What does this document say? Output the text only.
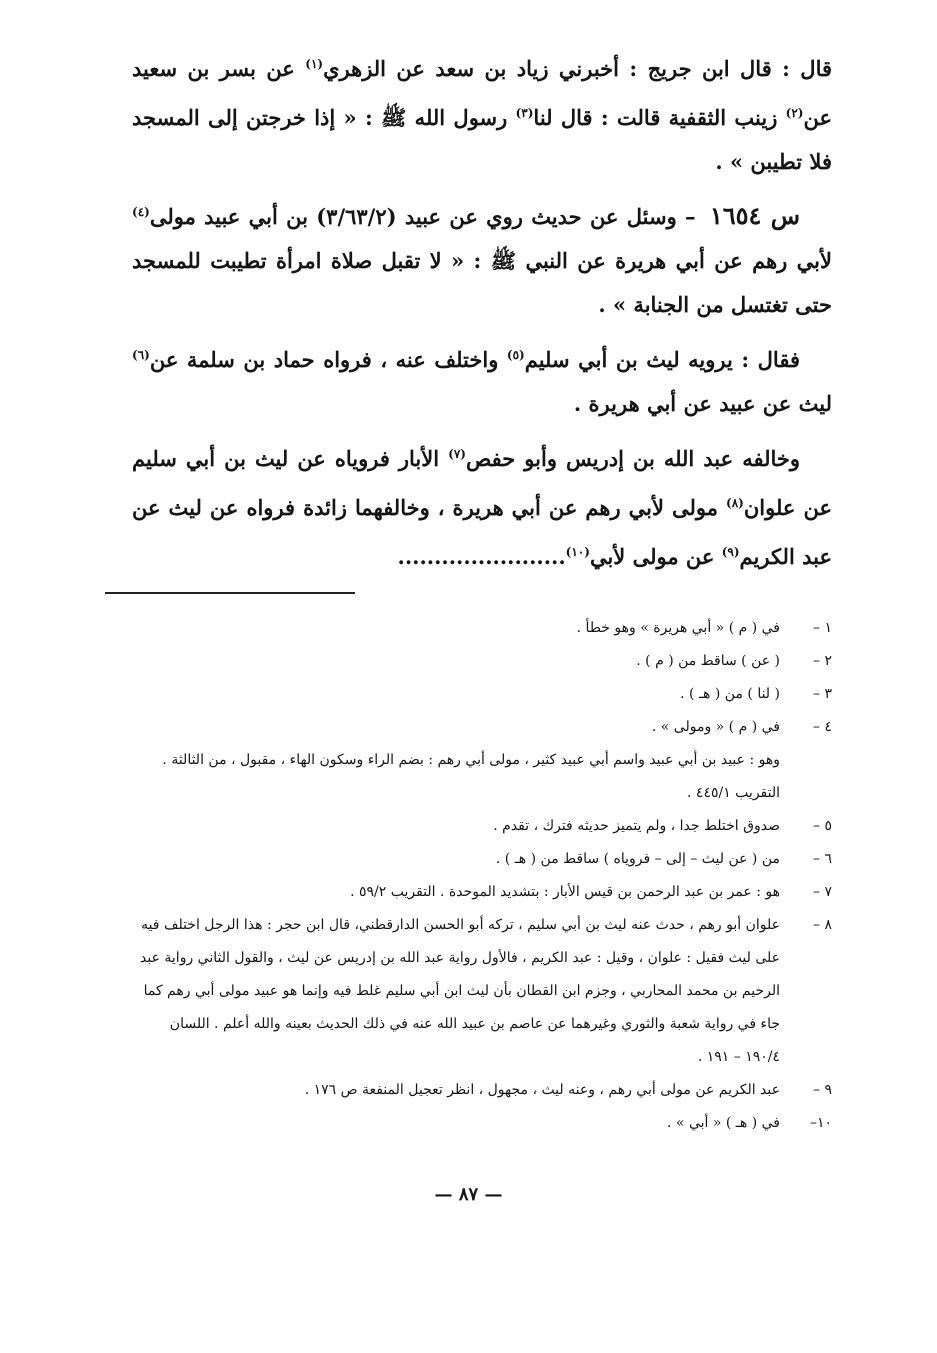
قال : قال ابن جريج : أخبرني زياد بن سعد عن الزهري$^{(١)}$ عن بسر بن سعيد عن$^{(٢)}$ زينب الثقفية قالت : قال لنا$^{(٣)}$ رسول الله ﷺ : « إذا خرجتن إلى المسجد فلا تطيبن » .

س ١٦٥٤ – وسئل عن حديث روي عن عبيد (٣/٦٣/٢) بن أبي عبيد مولى$^{(٤)}$ لأبي رهم عن أبي هريرة عن النبي ﷺ : « لا تقبل صلاة امرأة تطيبت للمسجد حتى تغتسل من الجنابة » .

فقال : يرويه ليث بن أبي سليم$^{(٥)}$ واختلف عنه ، فرواه حماد بن سلمة عن$^{(٦)}$ ليث عن عبيد عن أبي هريرة .

وخالفه عبد الله بن إدريس وأبو حفص$^{(٧)}$ الأبار فروياه عن ليث بن أبي سليم عن علوان$^{(٨)}$ مولى لأبي رهم عن أبي هريرة ، وخالفهما زائدة فرواه عن ليث عن عبد الكريم$^{(٩)}$ عن مولى لأبي$^{(١٠)}$.......................

١ –
في ( م ) « أبي هريرة » وهو خطأ .
٢ –
( عن ) ساقط من ( م ) .
٣ –
( لنا ) من ( هـ ) .
٤ –
في ( م ) « ومولى » .
وهو : عبيد بن أبي عبيد واسم أبي عبيد كثير ، مولى أبي رهم : بضم الراء وسكون الهاء ، مقبول ، من الثالثة . التقريب ٤٤٥/١ .
٥ –
صدوق اختلط جدا ، ولم يتميز حديثه فترك ، تقدم .
٦ –
من ( عن ليث – إلى – فروياه ) ساقط من ( هـ ) .
٧ –
هو : عمر بن عبد الرحمن بن قيس الأبار : بتشديد الموحدة . التقريب ٥٩/٢ .
٨ –
علوان أبو رهم ، حدث عنه ليث بن أبي سليم ، تركه أبو الحسن الدارقطني، قال ابن حجر : هذا الرجل اختلف فيه على ليث فقيل : علوان ، وقيل : عبد الكريم ، فالأول رواية عبد الله بن إدريس عن ليث ، والقول الثاني رواية عبد الرحيم بن محمد المحاربي ، وجزم ابن القطان بأن ليث ابن أبي سليم غلط فيه وإنما هو عبيد مولى أبي رهم كما جاء في رواية شعبة والثوري وغيرهما عن عاصم بن عبيد الله عنه في ذلك الحديث بعينه والله أعلم . اللسان ١٩٠/٤ – ١٩١ .
٩ –
عبد الكريم عن مولى أبي رهم ، وعنه ليث ، مجهول ، انظر تعجيل المنفعة ص ١٧٦ .
١٠–
في ( هـ ) « أبي » .
— ٨٧ —
